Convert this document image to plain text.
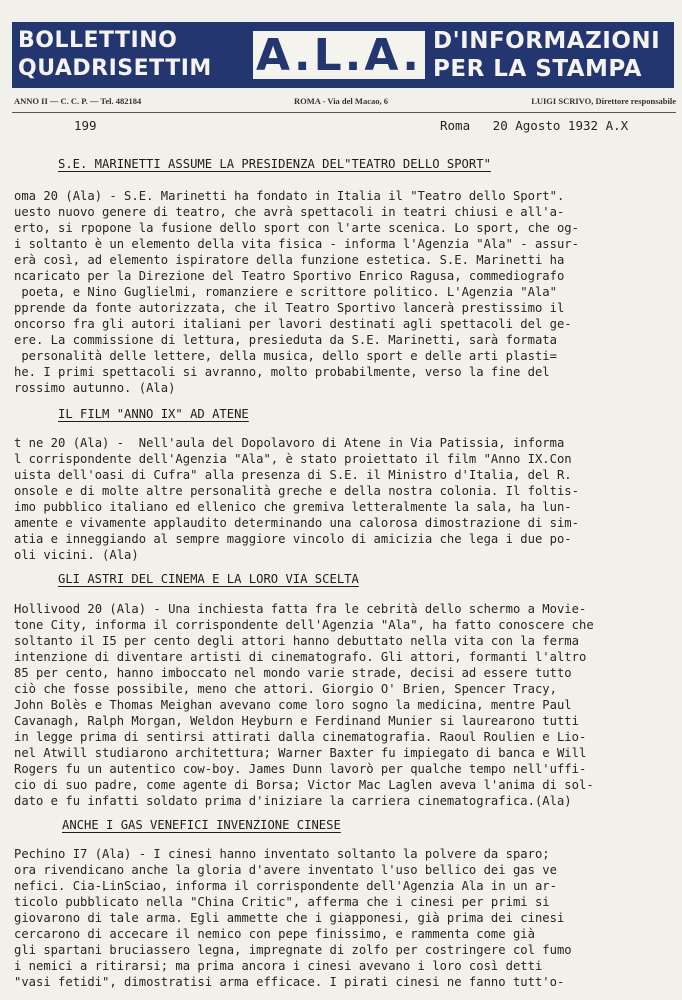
BOLLETTINO
QUADRISETTIM	A.L.A. D'INFORMAZIONI
PER LA STAMPA
ANNO II — C. C. P. — Tel. 482184	ROMA - Via del Macao, 6	LUIGI SCRIVO, Direttore responsabile
199	Roma   20 Agosto 1932 A.X
S.E. MARINETTI ASSUME LA PRESIDENZA DEL"TEATRO DELLO SPORT"
oma 20 (Ala) - S.E. Marinetti ha fondato in Italia il "Teatro dello Sport".
uesto nuovo genere di teatro, che avrà spettacoli in teatri chiusi e all'a-
erto, si rpopone la fusione dello sport con l'arte scenica. Lo sport, che og-
i soltanto è un elemento della vita fisica - informa l'Agenzia "Ala" - assur-
erà così, ad elemento ispiratore della funzione estetica. S.E. Marinetti ha
ncaricato per la Direzione del Teatro Sportivo Enrico Ragusa, commediografo
poeta, e Nino Guglielmi, romanziere e scrittore politico. L'Agenzia "Ala"
pprende da fonte autorizzata, che il Teatro Sportivo lancerà prestissimo il
oncorso fra gli autori italiani per lavori destinati agli spettacoli del ge-
ere. La commissione di lettura, presieduta da S.E. Marinetti, sarà formata
personalità delle lettere, della musica, dello sport e delle arti plasti=
he. I primi spettacoli si avranno, molto probabilmente, verso la fine del
rossimo autunno. (Ala)
IL FILM "ANNO IX" AD ATENE
t ne 20 (Ala) -  Nell'aula del Dopolavoro di Atene in Via Patissia, informa
l corrispondente dell'Agenzia "Ala", è stato proiettato il film "Anno IX.Con
uista dell'oasi di Cufra" alla presenza di S.E. il Ministro d'Italia, del R.
onsole e di molte altre personalità greche e della nostra colonia. Il foltis-
imo pubblico italiano ed ellenico che gremiva letteralmente la sala, ha lun-
amente e vivamente applaudito determinando una calorosa dimostrazione di sim-
atia e inneggiando al sempre maggiore vincolo di amicizia che lega i due po-
oli vicini. (Ala)
GLI ASTRI DEL CINEMA E LA LORO VIA SCELTA
Hollivood 20 (Ala) - Una inchiesta fatta fra le cebrità dello schermo a Movie-
tone City, informa il corrispondente dell'Agenzia "Ala", ha fatto conoscere che
soltanto il I5 per cento degli attori hanno debuttato nella vita con la ferma
intenzione di diventare artisti di cinematografo. Gli attori, formanti l'altro
85 per cento, hanno imboccato nel mondo varie strade, decisi ad essere tutto
ciò che fosse possibile, meno che attori. Giorgio O' Brien, Spencer Tracy,
John Bolès e Thomas Meighan avevano come loro sogno la medicina, mentre Paul
Cavanagh, Ralph Morgan, Weldon Heyburn e Ferdinand Munier si laurearono tutti
in legge prima di sentirsi attirati dalla cinematografia. Raoul Roulien e Lio-
nel Atwill studiarono architettura; Warner Baxter fu impiegato di banca e Will
Rogers fu un autentico cow-boy. James Dunn lavorò per qualche tempo nell'uffi-
cio di suo padre, come agente di Borsa; Victor Mac Laglen aveva l'anima di sol-
dato e fu infatti soldato prima d'iniziare la carriera cinematografica.(Ala)
ANCHE I GAS VENEFICI INVENZIONE CINESE
Pechino I7 (Ala) - I cinesi hanno inventato soltanto la polvere da sparo;
ora rivendicano anche la gloria d'avere inventato l'uso bellico dei gas ve
nefici. Cia-LinSciao, informa il corrispondente dell'Agenzia Ala in un ar-
ticolo pubblicato nella "China Critic", afferma che i cinesi per primi si
giovarono di tale arma. Egli ammette che i giapponesi, già prima dei cinesi
cercarono di accecare il nemico con pepe finissimo, e rammenta come già
gli spartani bruciassero legna, impregnate di zolfo per costringere col fumo
i nemici a ritirarsi; ma prima ancora i cinesi avevano i loro così detti
"vasi fetidi", dimostratisi arma efficace. I pirati cinesi ne fanno tutt'o-
